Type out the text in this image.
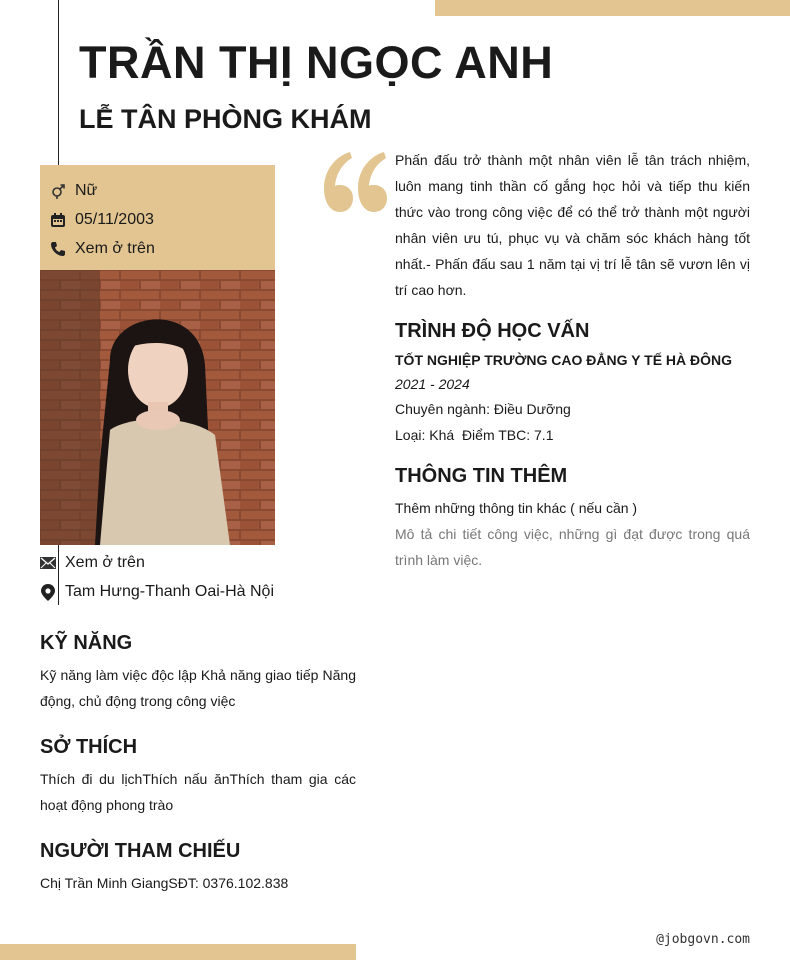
TRẦN THỊ NGỌC ANH
LỄ TÂN PHÒNG KHÁM
Nữ
05/11/2003
Xem ở trên
Xem ở trên
Tam Hưng-Thanh Oai-Hà Nội
KỸ NĂNG

Kỹ năng làm việc độc lập Khả năng giao tiếp Năng động, chủ động trong công việc

SỞ THÍCH

Thích đi du lịchThích nấu ănThích tham gia các hoạt động phong trào

NGƯỜI THAM CHIẾU

Chị Trần Minh GiangSĐT: 0376.102.838

Phấn đấu trở thành một nhân viên lễ tân trách nhiệm, luôn mang tinh thần cố gắng học hỏi và tiếp thu kiến thức vào trong công việc để có thể trở thành một người nhân viên ưu tú, phục vụ và chăm sóc khách hàng tốt nhất.- Phấn đấu sau 1 năm tại vị trí lễ tân sẽ vươn lên vị trí cao hơn.

TRÌNH ĐỘ HỌC VẤN
TỐT NGHIỆP TRƯỜNG CAO ĐẲNG Y TẾ HÀ ĐÔNG
2021 - 2024
Chuyên ngành: Điều Dưỡng
Loại: Khá  Điểm TBC: 7.1
THÔNG TIN THÊM
Thêm những thông tin khác ( nếu cần )

Mô tả chi tiết công việc, những gì đạt được trong quá trình làm việc.

@jobgovn.com
